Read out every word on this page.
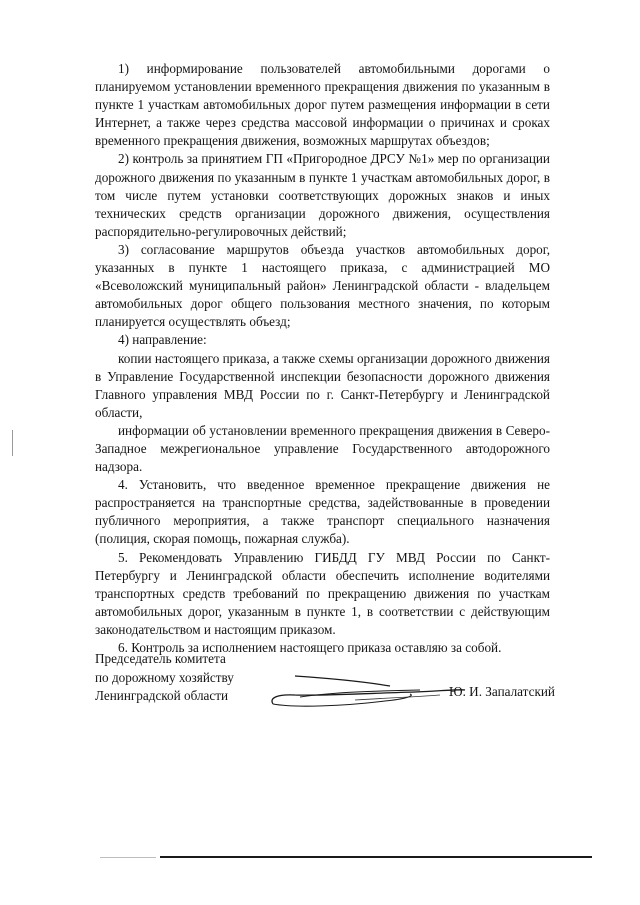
1) информирование пользователей автомобильными дорогами о планируемом установлении временного прекращения движения по указанным в пункте 1 участкам автомобильных дорог путем размещения информации в сети Интернет, а также через средства массовой информации о причинах и сроках временного прекращения движения, возможных маршрутах объездов;

2) контроль за принятием ГП «Пригородное ДРСУ №1» мер по организации дорожного движения по указанным в пункте 1 участкам автомобильных дорог, в том числе путем установки соответствующих дорожных знаков и иных технических средств организации дорожного движения, осуществления распорядительно-регулировочных действий;

3) согласование маршрутов объезда участков автомобильных дорог, указанных в пункте 1 настоящего приказа, с администрацией МО «Всеволожский муниципальный район» Ленинградской области - владельцем автомобильных дорог общего пользования местного значения, по которым планируется осуществлять объезд;

4) направление:

копии настоящего приказа, а также схемы организации дорожного движения в Управление Государственной инспекции безопасности дорожного движения Главного управления МВД России по г. Санкт-Петербургу и Ленинградской области,

информации об установлении временного прекращения движения в Северо-Западное межрегиональное управление Государственного автодорожного надзора.

4. Установить, что введенное временное прекращение движения не распространяется на транспортные средства, задействованные в проведении публичного мероприятия, а также транспорт специального назначения (полиция, скорая помощь, пожарная служба).

5. Рекомендовать Управлению ГИБДД ГУ МВД России по Санкт-Петербургу и Ленинградской области обеспечить исполнение водителями транспортных средств требований по прекращению движения по участкам автомобильных дорог, указанным в пункте 1, в соответствии с действующим законодательством и настоящим приказом.

6. Контроль за исполнением настоящего приказа оставляю за собой.

Председатель комитета
по дорожному хозяйству
Ленинградской области	Ю. И. Запалатский
